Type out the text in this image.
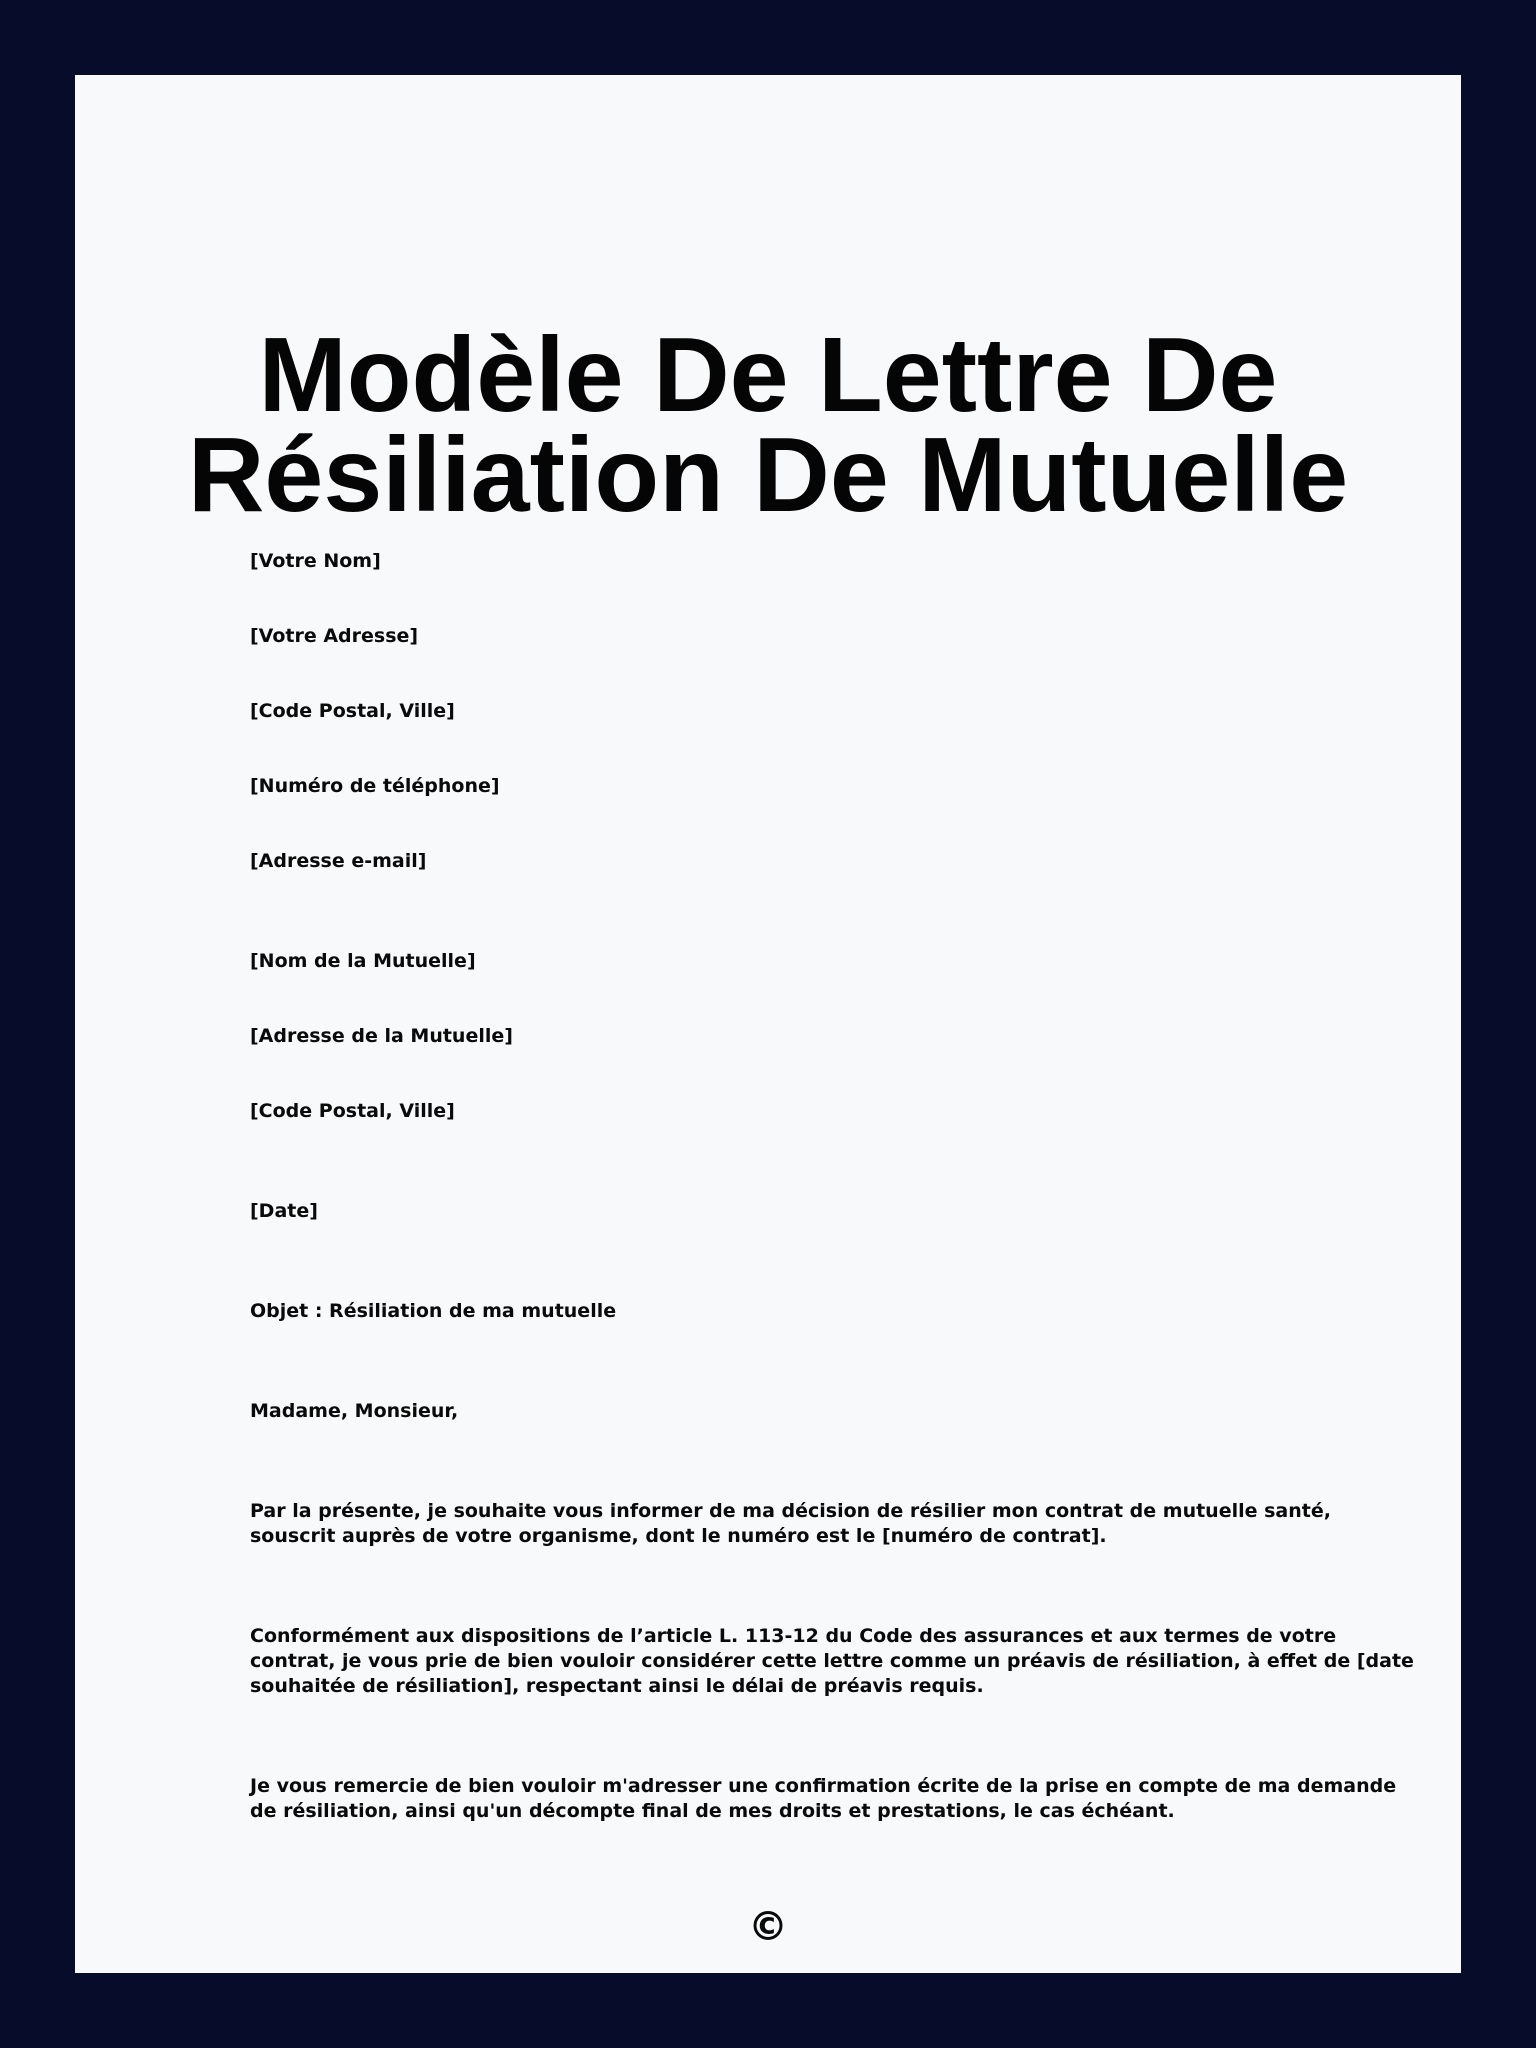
Modèle De Lettre De
Résiliation De Mutuelle

[Votre Nom]

[Votre Adresse]

[Code Postal, Ville]

[Numéro de téléphone]

[Adresse e-mail]

[Nom de la Mutuelle]

[Adresse de la Mutuelle]

[Code Postal, Ville]

[Date]

Objet : Résiliation de ma mutuelle

Madame, Monsieur,

Par la présente, je souhaite vous informer de ma décision de résilier mon contrat de mutuelle santé,
souscrit auprès de votre organisme, dont le numéro est le [numéro de contrat].
Conformément aux dispositions de l’article L. 113-12 du Code des assurances et aux termes de votre
contrat, je vous prie de bien vouloir considérer cette lettre comme un préavis de résiliation, à effet de [date
souhaitée de résiliation], respectant ainsi le délai de préavis requis.
Je vous remercie de bien vouloir m'adresser une confirmation écrite de la prise en compte de ma demande
de résiliation, ainsi qu'un décompte final de mes droits et prestations, le cas échéant.
©
